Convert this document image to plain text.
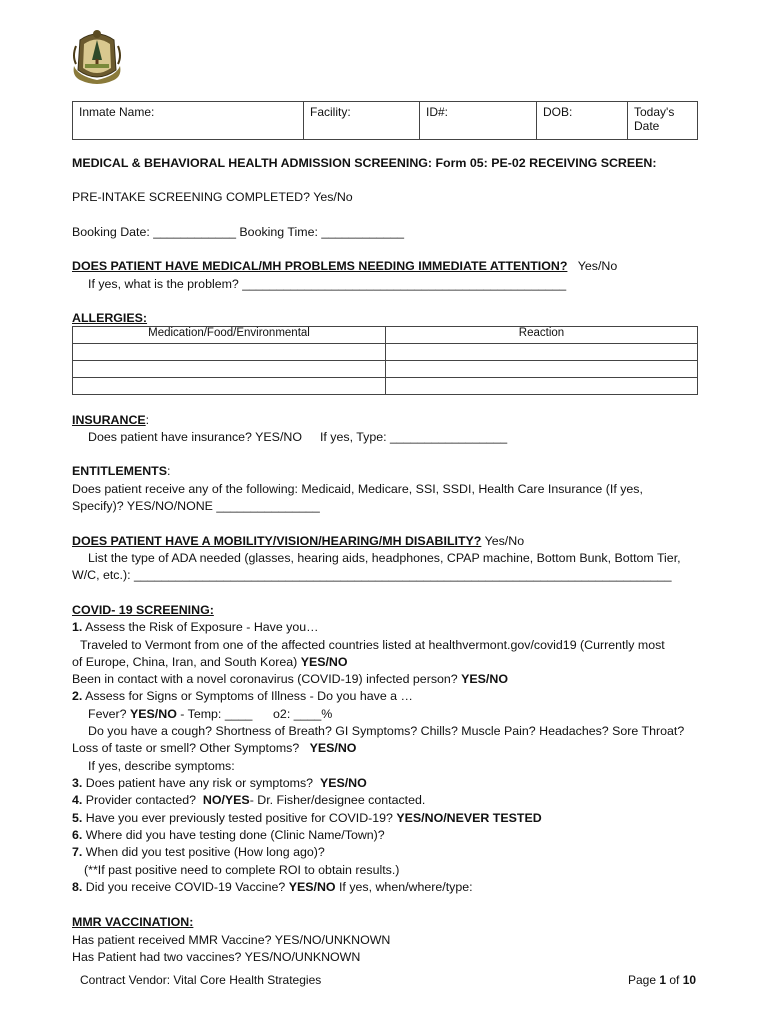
Inmate Name:	Facility:	ID#:	DOB:	Today's Date
MEDICAL & BEHAVIORAL HEALTH ADMISSION SCREENING: Form 05: PE-02 RECEIVING SCREEN:
PRE-INTAKE SCREENING COMPLETED? Yes/No
Booking Date: ____________ Booking Time: ____________
DOES PATIENT HAVE MEDICAL/MH PROBLEMS NEEDING IMMEDIATE ATTENTION? Yes/No
If yes, what is the problem? _______________________________________________
ALLERGIES:
Medication/Food/Environmental	Reaction

INSURANCE:
Does patient have insurance? YES/NO If yes, Type: _________________
ENTITLEMENTS:
Does patient receive any of the following: Medicaid, Medicare, SSI, SSDI, Health Care Insurance (If yes,
Specify)? YES/NO/NONE _______________
DOES PATIENT HAVE A MOBILITY/VISION/HEARING/MH DISABILITY? Yes/No
List the type of ADA needed (glasses, hearing aids, headphones, CPAP machine, Bottom Bunk, Bottom Tier,
W/C, etc.): ______________________________________________________________________________
COVID- 19 SCREENING:
1. Assess the Risk of Exposure - Have you…
Traveled to Vermont from one of the affected countries listed at healthvermont.gov/covid19 (Currently most
of Europe, China, Iran, and South Korea) YES/NO
Been in contact with a novel coronavirus (COVID-19) infected person? YES/NO
2. Assess for Signs or Symptoms of Illness - Do you have a …
Fever? YES/NO - Temp: ____      o2: ____%
Do you have a cough? Shortness of Breath? GI Symptoms? Chills? Muscle Pain? Headaches? Sore Throat?
Loss of taste or smell? Other Symptoms?   YES/NO
If yes, describe symptoms:
3. Does patient have any risk or symptoms?  YES/NO
4. Provider contacted?  NO/YES- Dr. Fisher/designee contacted.
5. Have you ever previously tested positive for COVID-19? YES/NO/NEVER TESTED
6. Where did you have testing done (Clinic Name/Town)?
7. When did you test positive (How long ago)?
(**If past positive need to complete ROI to obtain results.)
8. Did you receive COVID-19 Vaccine? YES/NO If yes, when/where/type:
MMR VACCINATION:
Has patient received MMR Vaccine? YES/NO/UNKNOWN
Has Patient had two vaccines? YES/NO/UNKNOWN
Contract Vendor: Vital Core Health Strategies	Page 1 of 10
